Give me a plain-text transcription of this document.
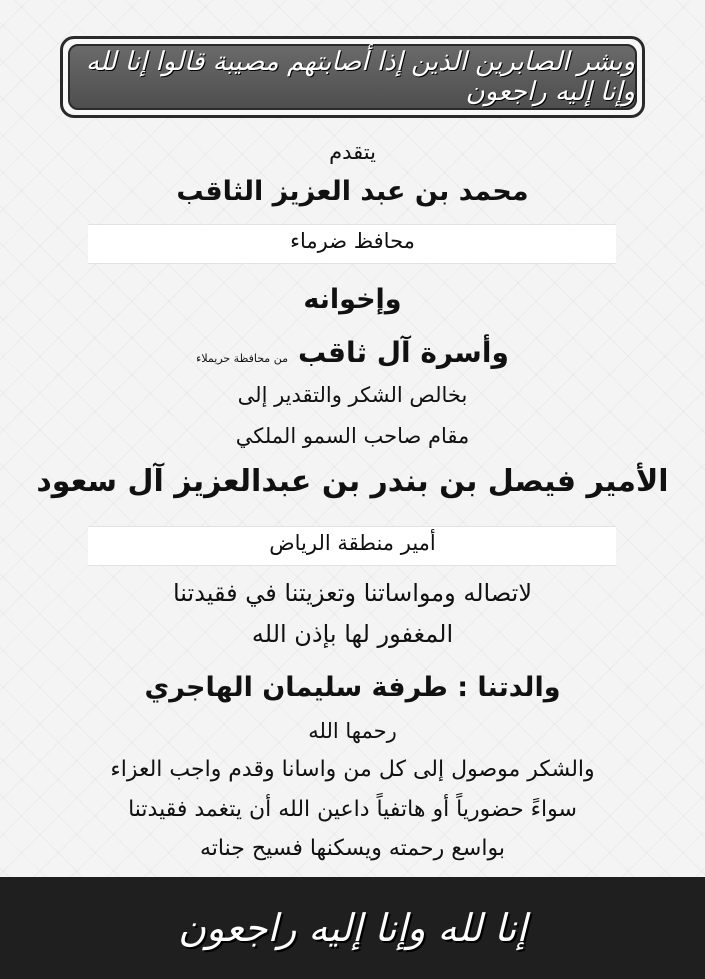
وبشر الصابرين الذين إذا أصابتهم مصيبة قالوا إنا لله وإنا إليه راجعون
يتقدم
محمد بن عبد العزيز الثاقب
محافظ ضرماء
وإخوانه
وأسرة آل ثاقب
من محافظة حريملاء
بخالص الشكر والتقدير إلى
مقام صاحب السمو الملكي
الأمير فيصل بن بندر بن عبدالعزيز آل سعود
أمير منطقة الرياض
لاتصاله ومواساتنا وتعزيتنا في فقيدتنا
المغفور لها بإذن الله
والدتنا : طرفة سليمان الهاجري
رحمها الله
والشكر موصول إلى كل من واسانا وقدم واجب العزاء
سواءً حضورياً أو هاتفياً داعين الله أن يتغمد فقيدتنا
بواسع رحمته ويسكنها فسيح جناته
إنا لله وإنا إليه راجعون
